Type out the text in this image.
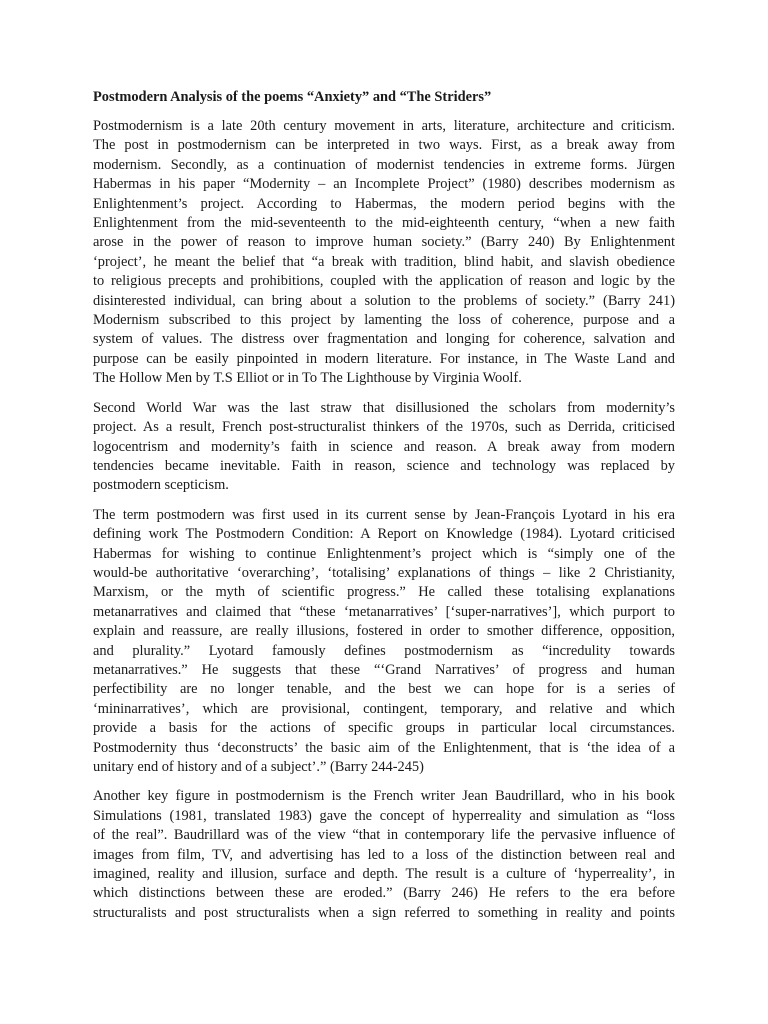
Postmodern Analysis of the poems “Anxiety” and “The Striders”
Postmodernism is a late 20th century movement in arts, literature, architecture and criticism.
The post in postmodernism can be interpreted in two ways. First, as a break away from
modernism. Secondly, as a continuation of modernist tendencies in extreme forms. Jürgen
Habermas in his paper “Modernity – an Incomplete Project” (1980) describes modernism as
Enlightenment’s project. According to Habermas, the modern period begins with the
Enlightenment from the mid-seventeenth to the mid-eighteenth century, “when a new faith
arose in the power of reason to improve human society.” (Barry 240) By Enlightenment
‘project’, he meant the belief that “a break with tradition, blind habit, and slavish obedience
to religious precepts and prohibitions, coupled with the application of reason and logic by the
disinterested individual, can bring about a solution to the problems of society.” (Barry 241)
Modernism subscribed to this project by lamenting the loss of coherence, purpose and a
system of values. The distress over fragmentation and longing for coherence, salvation and
purpose can be easily pinpointed in modern literature. For instance, in The Waste Land and
The Hollow Men by T.S Elliot or in To The Lighthouse by Virginia Woolf.
Second World War was the last straw that disillusioned the scholars from modernity’s
project. As a result, French post-structuralist thinkers of the 1970s, such as Derrida, criticised
logocentrism and modernity’s faith in science and reason. A break away from modern
tendencies became inevitable. Faith in reason, science and technology was replaced by
postmodern scepticism.
The term postmodern was first used in its current sense by Jean-François Lyotard in his era
defining work The Postmodern Condition: A Report on Knowledge (1984). Lyotard criticised
Habermas for wishing to continue Enlightenment’s project which is “simply one of the
would-be authoritative ‘overarching’, ‘totalising’ explanations of things – like 2 Christianity,
Marxism, or the myth of scientific progress.” He called these totalising explanations
metanarratives and claimed that “these ‘metanarratives’ [‘super-narratives’], which purport to
explain and reassure, are really illusions, fostered in order to smother difference, opposition,
and plurality.” Lyotard famously defines postmodernism as “incredulity towards
metanarratives.” He suggests that these “‘Grand Narratives’ of progress and human
perfectibility are no longer tenable, and the best we can hope for is a series of
‘mininarratives’, which are provisional, contingent, temporary, and relative and which
provide a basis for the actions of specific groups in particular local circumstances.
Postmodernity thus ‘deconstructs’ the basic aim of the Enlightenment, that is ‘the idea of a
unitary end of history and of a subject’.” (Barry 244-245)
Another key figure in postmodernism is the French writer Jean Baudrillard, who in his book
Simulations (1981, translated 1983) gave the concept of hyperreality and simulation as “loss
of the real”. Baudrillard was of the view “that in contemporary life the pervasive influence of
images from film, TV, and advertising has led to a loss of the distinction between real and
imagined, reality and illusion, surface and depth. The result is a culture of ‘hyperreality’, in
which distinctions between these are eroded.” (Barry 246) He refers to the era before
structuralists and post structuralists when a sign referred to something in reality and points
